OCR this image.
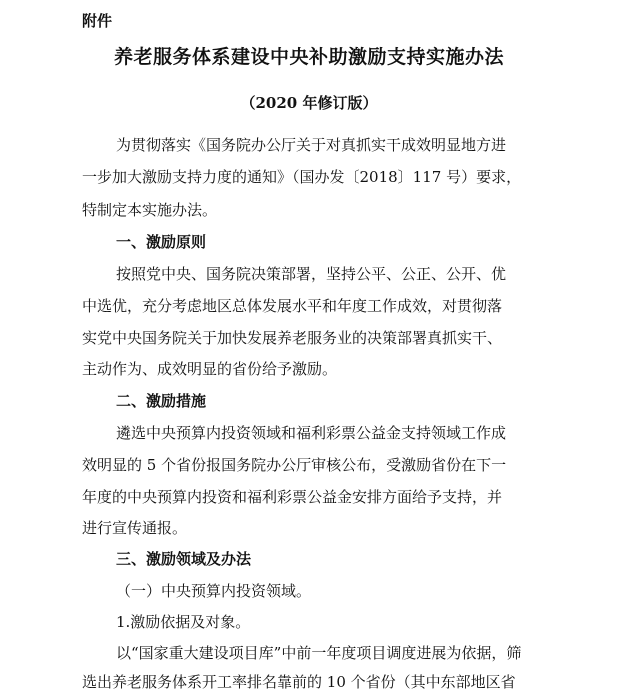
附件
养老服务体系建设中央补助激励支持实施办法
（2020 年修订版）
为贯彻落实《国务院办公厅关于对真抓实干成效明显地方进
一步加大激励支持力度的通知》（国办发〔2018〕117 号）要求，
特制定本实施办法。
一、激励原则
按照党中央、国务院决策部署，坚持公平、公正、公开、优
中选优，充分考虑地区总体发展水平和年度工作成效，对贯彻落
实党中央国务院关于加快发展养老服务业的决策部署真抓实干、
主动作为、成效明显的省份给予激励。
二、激励措施
遴选中央预算内投资领域和福利彩票公益金支持领域工作成
效明显的 5 个省份报国务院办公厅审核公布，受激励省份在下一
年度的中央预算内投资和福利彩票公益金安排方面给予支持，并
进行宣传通报。
三、激励领域及办法
（一）中央预算内投资领域。
1.激励依据及对象。
以“国家重大建设项目库”中前一年度项目调度进展为依据，筛
选出养老服务体系开工率排名靠前的 10 个省份（其中东部地区省
